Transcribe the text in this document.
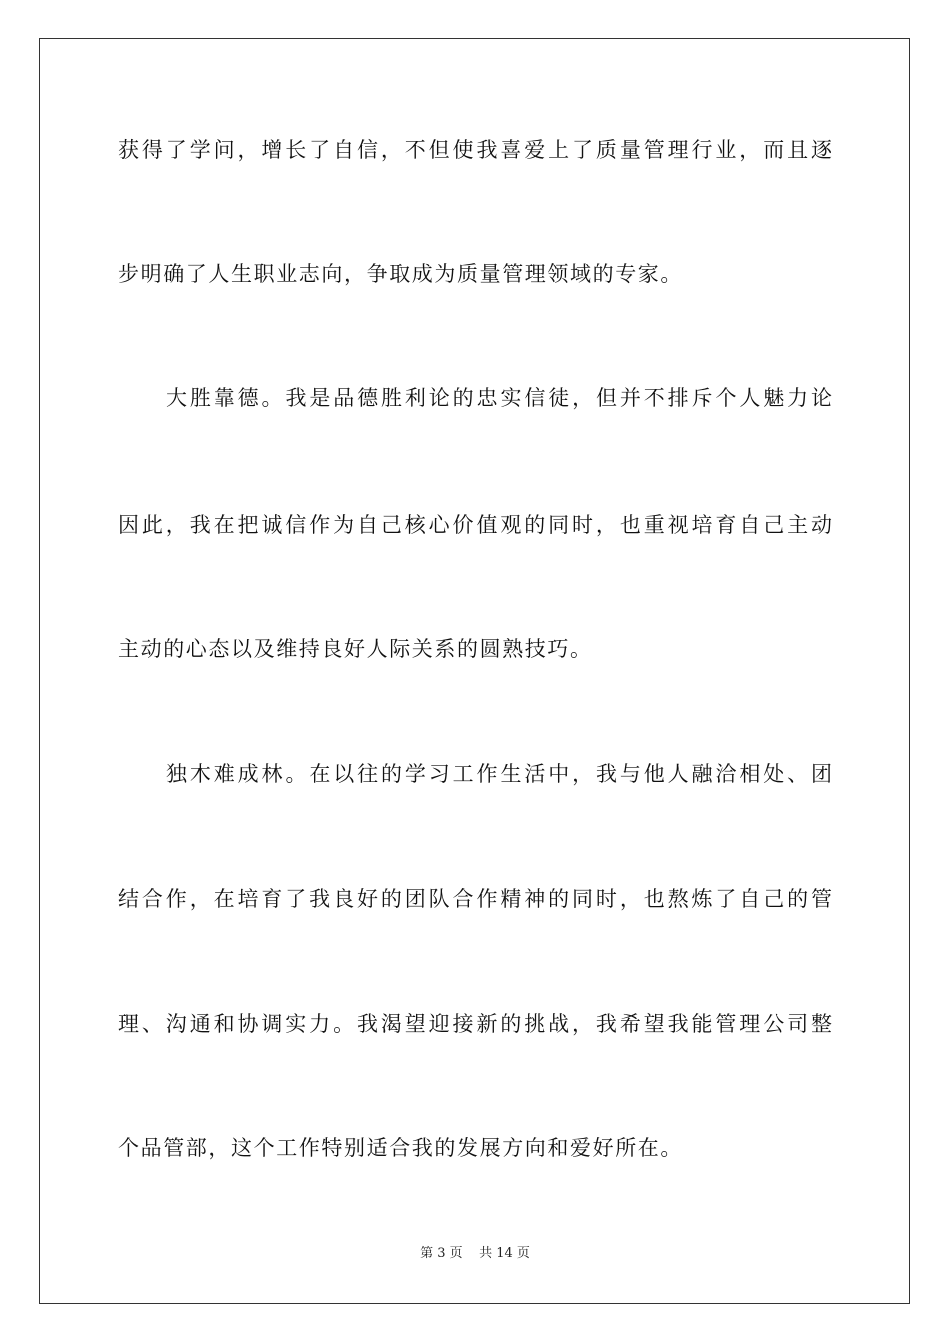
获得了学问，增长了自信，不但使我喜爱上了质量管理行业，而且逐
步明确了人生职业志向，争取成为质量管理领域的专家。
大胜靠德。我是品德胜利论的忠实信徒，但并不排斥个人魅力论
因此，我在把诚信作为自己核心价值观的同时，也重视培育自己主动
主动的心态以及维持良好人际关系的圆熟技巧。
独木难成林。在以往的学习工作生活中，我与他人融洽相处、团
结合作，在培育了我良好的团队合作精神的同时，也熬炼了自己的管
理、沟通和协调实力。我渴望迎接新的挑战，我希望我能管理公司整
个品管部，这个工作特别适合我的发展方向和爱好所在。
第 3 页    共 14 页
